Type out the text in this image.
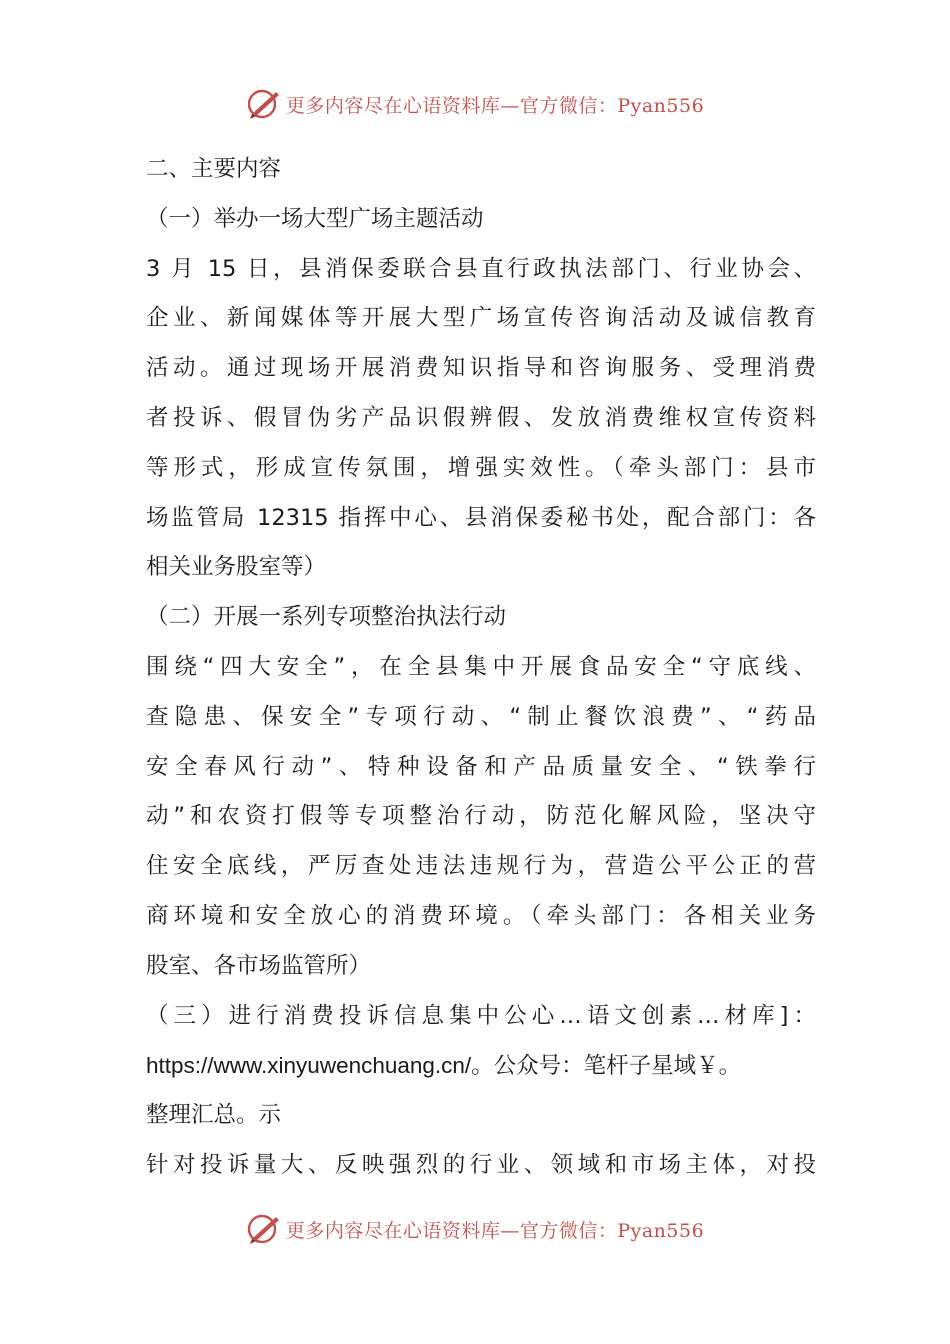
更多内容尽在心语资料库—官方微信：Pyan556
二、主要内容
（一）举办一场大型广场主题活动
3 月 15 日，县消保委联合县直行政执法部门、行业协会、
企业、新闻媒体等开展大型广场宣传咨询活动及诚信教育
活动。通过现场开展消费知识指导和咨询服务、受理消费
者投诉、假冒伪劣产品识假辨假、发放消费维权宣传资料
等形式，形成宣传氛围，增强实效性。（牵头部门：县市
场监管局 12315 指挥中心、县消保委秘书处，配合部门：各
相关业务股室等）
（二）开展一系列专项整治执法行动
围绕“四大安全”，在全县集中开展食品安全“守底线、
查隐患、保安全”专项行动、“制止餐饮浪费”、“药品
安全春风行动”、特种设备和产品质量安全、“铁拳行
动”和农资打假等专项整治行动，防范化解风险，坚决守
住安全底线，严厉查处违法违规行为，营造公平公正的营
商环境和安全放心的消费环境。（牵头部门：各相关业务
股室、各市场监管所）
（三）进行消费投诉信息集中公心…语文创素…材库]：
https://www.xinyuwenchuang.cn/。公众号：笔杆子星域￥。
整理汇总。示
针对投诉量大、反映强烈的行业、领域和市场主体，对投
更多内容尽在心语资料库—官方微信：Pyan556
